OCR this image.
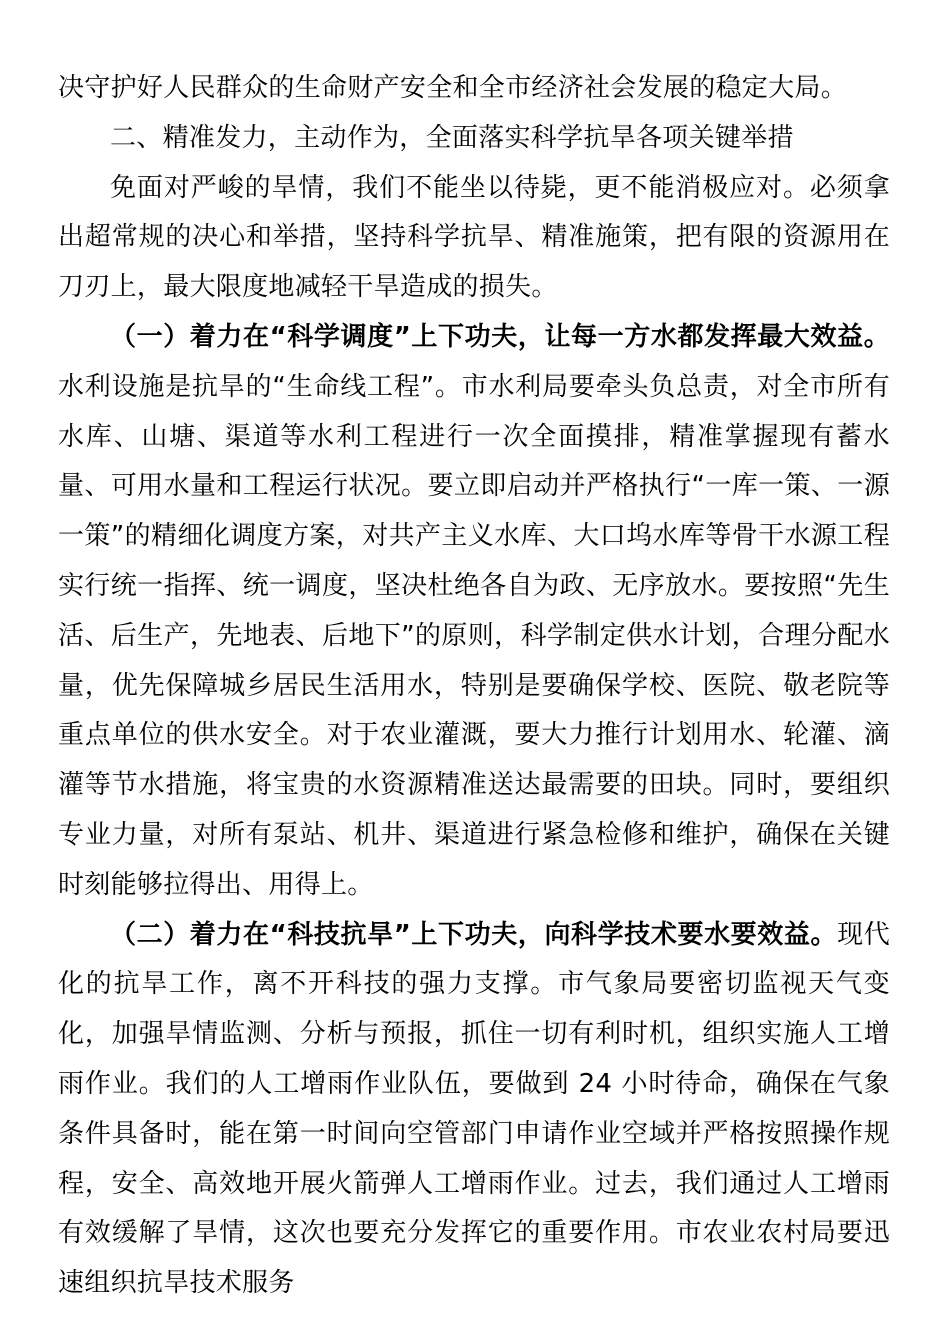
决守护好人民群众的生命财产安全和全市经济社会发展的稳定大局。

二、精准发力，主动作为，全面落实科学抗旱各项关键举措

免面对严峻的旱情，我们不能坐以待毙，更不能消极应对。必须拿出超常规的决心和举措，坚持科学抗旱、精准施策，把有限的资源用在刀刃上，最大限度地减轻干旱造成的损失。

（一）着力在“科学调度”上下功夫，让每一方水都发挥最大效益。水利设施是抗旱的“生命线工程”。市水利局要牵头负总责，对全市所有水库、山塘、渠道等水利工程进行一次全面摸排，精准掌握现有蓄水量、可用水量和工程运行状况。要立即启动并严格执行“一库一策、一源一策”的精细化调度方案，对共产主义水库、大口坞水库等骨干水源工程实行统一指挥、统一调度，坚决杜绝各自为政、无序放水。要按照“先生活、后生产，先地表、后地下”的原则，科学制定供水计划，合理分配水量，优先保障城乡居民生活用水，特别是要确保学校、医院、敬老院等重点单位的供水安全。对于农业灌溉，要大力推行计划用水、轮灌、滴灌等节水措施，将宝贵的水资源精准送达最需要的田块。同时，要组织专业力量，对所有泵站、机井、渠道进行紧急检修和维护，确保在关键时刻能够拉得出、用得上。

（二）着力在“科技抗旱”上下功夫，向科学技术要水要效益。现代化的抗旱工作，离不开科技的强力支撑。市气象局要密切监视天气变化，加强旱情监测、分析与预报，抓住一切有利时机，组织实施人工增雨作业。我们的人工增雨作业队伍，要做到 24 小时待命，确保在气象条件具备时，能在第一时间向空管部门申请作业空域并严格按照操作规程，安全、高效地开展火箭弹人工增雨作业。过去，我们通过人工增雨有效缓解了旱情，这次也要充分发挥它的重要作用。市农业农村局要迅速组织抗旱技术服务
